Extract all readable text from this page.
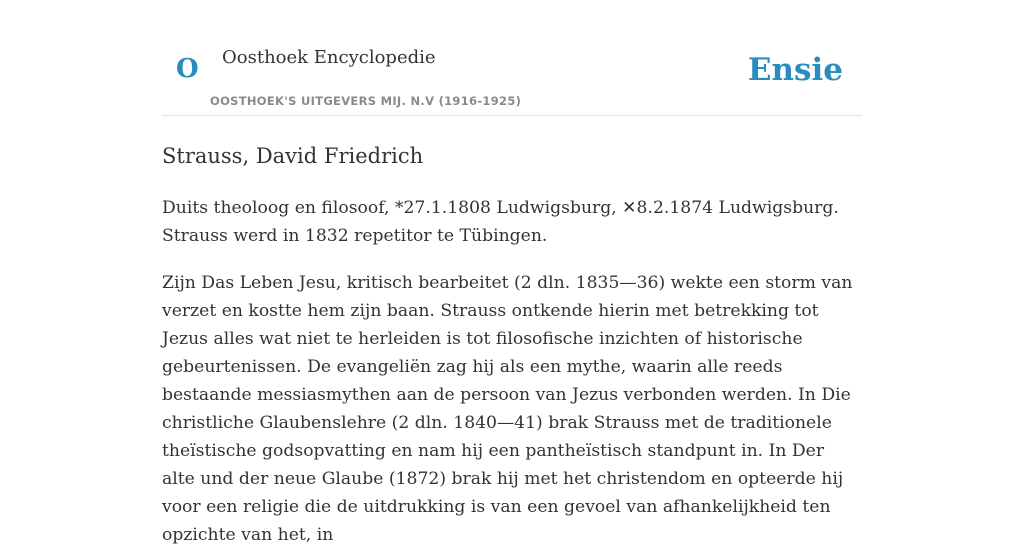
O Oosthoek Encyclopedie
OOSTHOEK'S UITGEVERS MIJ. N.V (1916-1925)
Ensie
Strauss, David Friedrich

Duits theoloog en filosoof, *27.1.1808 Ludwigsburg, ✕8.2.1874 Ludwigsburg. Strauss werd in 1832 repetitor te Tübingen.

Zijn Das Leben Jesu, kritisch bearbeitet (2 dln. 1835—36) wekte een storm van verzet en kostte hem zijn baan. Strauss ontkende hierin met betrekking tot Jezus alles wat niet te herleiden is tot filosofische inzichten of historische gebeurtenissen. De evangeliën zag hij als een mythe, waarin alle reeds bestaande messiasmythen aan de persoon van Jezus verbonden werden. In Die christliche Glaubenslehre (2 dln. 1840—41) brak Strauss met de traditionele theïstische godsopvatting en nam hij een pantheïstisch standpunt in. In Der alte und der neue Glaube (1872) brak hij met het christendom en opteerde hij voor een religie die de uitdrukking is van een gevoel van afhankelijkheid ten opzichte van het, in
